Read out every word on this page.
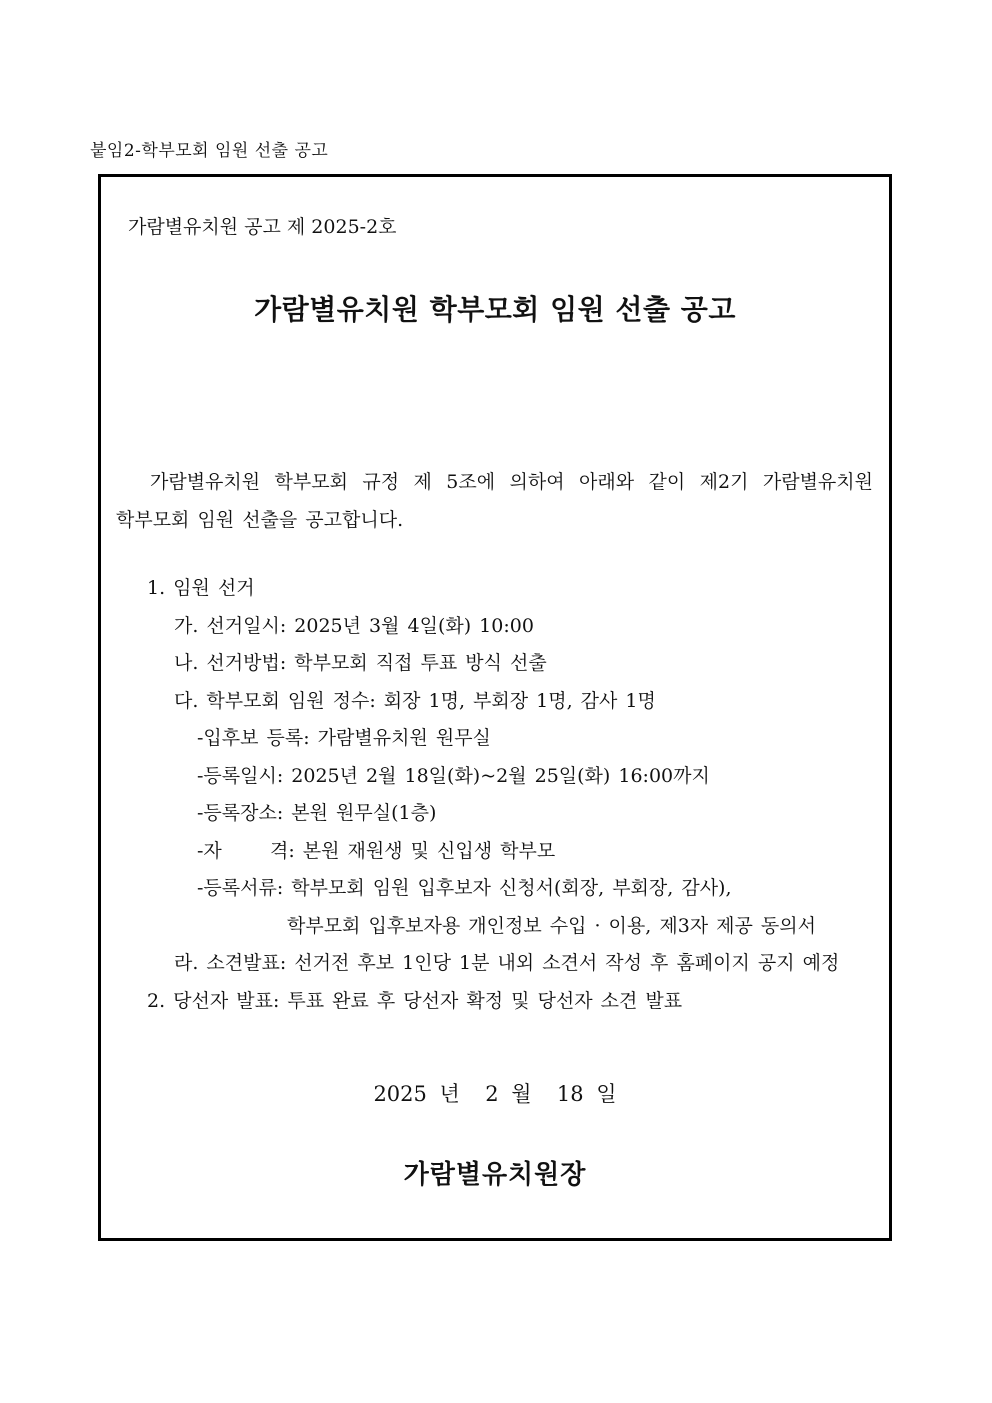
붙임2-학부모회 임원 선출 공고
가람별유치원 공고 제 2025-2호
가람별유치원 학부모회 임원 선출 공고
가람별유치원 학부모회 규정 제 5조에 의하여 아래와 같이 제2기 가람별유치원
학부모회 임원 선출을 공고합니다.
1. 임원 선거
가. 선거일시: 2025년 3월 4일(화) 10:00
나. 선거방법: 학부모회 직접 투표 방식 선출
다. 학부모회 임원 정수: 회장 1명, 부회장 1명, 감사 1명
-입후보 등록: 가람별유치원 원무실
-등록일시: 2025년 2월 18일(화)~2월 25일(화) 16:00까지
-등록장소: 본원 원무실(1층)
-자      격: 본원 재원생 및 신입생 학부모
-등록서류: 학부모회 임원 입후보자 신청서(회장, 부회장, 감사),
학부모회 입후보자용 개인정보 수입 · 이용, 제3자 제공 동의서
라. 소견발표: 선거전 후보 1인당 1분 내외 소견서 작성 후 홈페이지 공지 예정
2. 당선자 발표: 투표 완료 후 당선자 확정 및 당선자 소견 발표
2025 년  2 월  18 일
가람별유치원장
